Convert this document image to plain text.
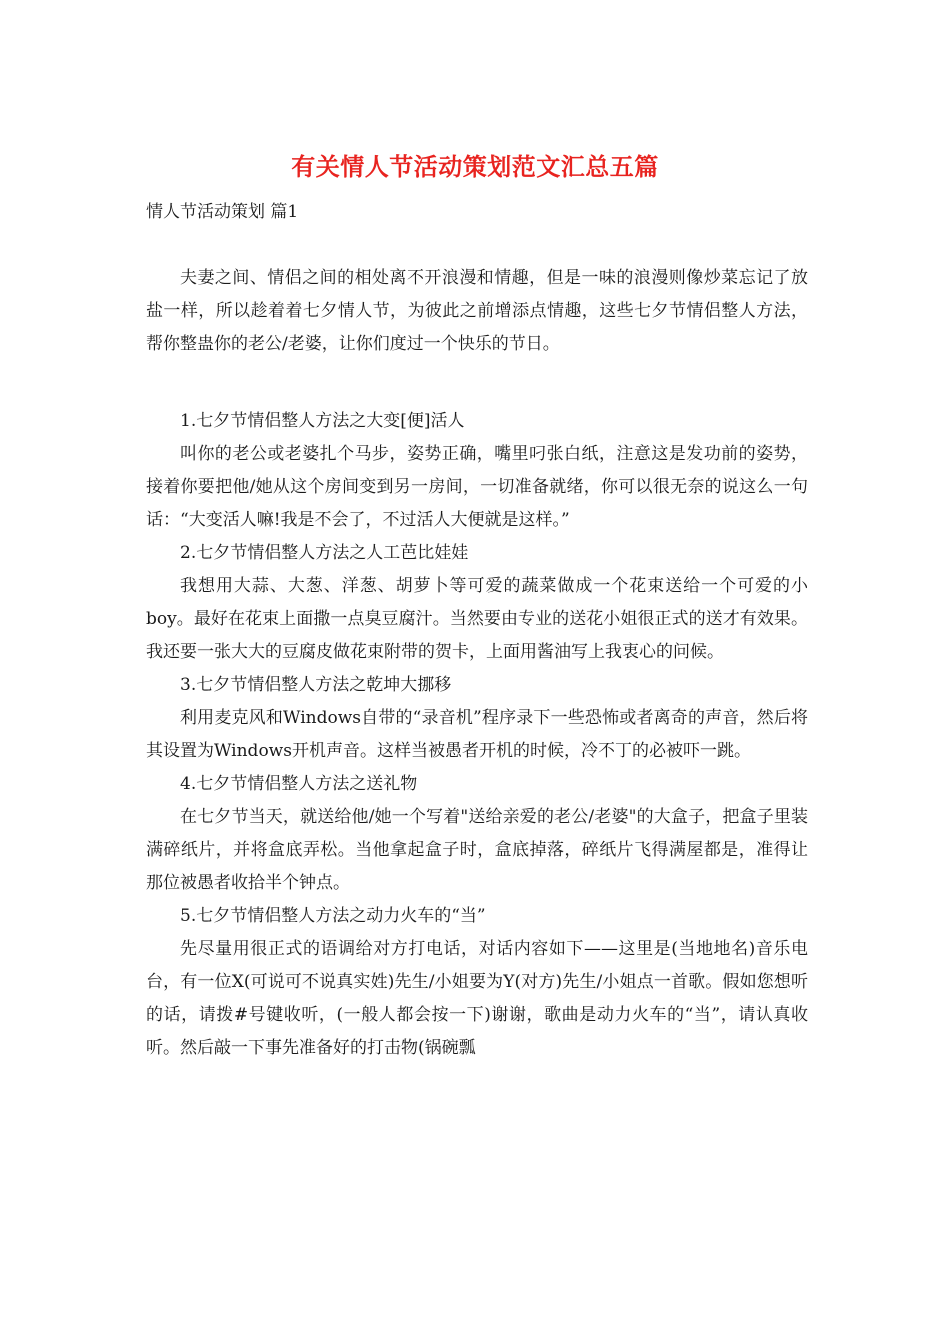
有关情人节活动策划范文汇总五篇
情人节活动策划 篇1

夫妻之间、情侣之间的相处离不开浪漫和情趣，但是一味的浪漫则像炒菜忘记了放盐一样，所以趁着着七夕情人节，为彼此之前增添点情趣，这些七夕节情侣整人方法，帮你整蛊你的老公/老婆，让你们度过一个快乐的节日。

1.七夕节情侣整人方法之大变[便]活人

叫你的老公或老婆扎个马步，姿势正确，嘴里叼张白纸，注意这是发功前的姿势，接着你要把他/她从这个房间变到另一房间，一切准备就绪，你可以很无奈的说这么一句话：“大变活人嘛!我是不会了，不过活人大便就是这样。”

2.七夕节情侣整人方法之人工芭比娃娃

我想用大蒜、大葱、洋葱、胡萝卜等可爱的蔬菜做成一个花束送给一个可爱的小boy。最好在花束上面撒一点臭豆腐汁。当然要由专业的送花小姐很正式的送才有效果。我还要一张大大的豆腐皮做花束附带的贺卡，上面用酱油写上我衷心的问候。

3.七夕节情侣整人方法之乾坤大挪移

利用麦克风和Windows自带的“录音机”程序录下一些恐怖或者离奇的声音，然后将其设置为Windows开机声音。这样当被愚者开机的时候，冷不丁的必被吓一跳。

4.七夕节情侣整人方法之送礼物

在七夕节当天，就送给他/她一个写着"送给亲爱的老公/老婆"的大盒子，把盒子里装满碎纸片，并将盒底弄松。当他拿起盒子时，盒底掉落，碎纸片飞得满屋都是，准得让那位被愚者收拾半个钟点。

5.七夕节情侣整人方法之动力火车的“当”

先尽量用很正式的语调给对方打电话，对话内容如下——这里是(当地地名)音乐电台，有一位X(可说可不说真实姓)先生/小姐要为Y(对方)先生/小姐点一首歌。假如您想听的话，请拨#号键收听，(一般人都会按一下)谢谢，歌曲是动力火车的“当”，请认真收听。然后敲一下事先准备好的打击物(锅碗瓢
